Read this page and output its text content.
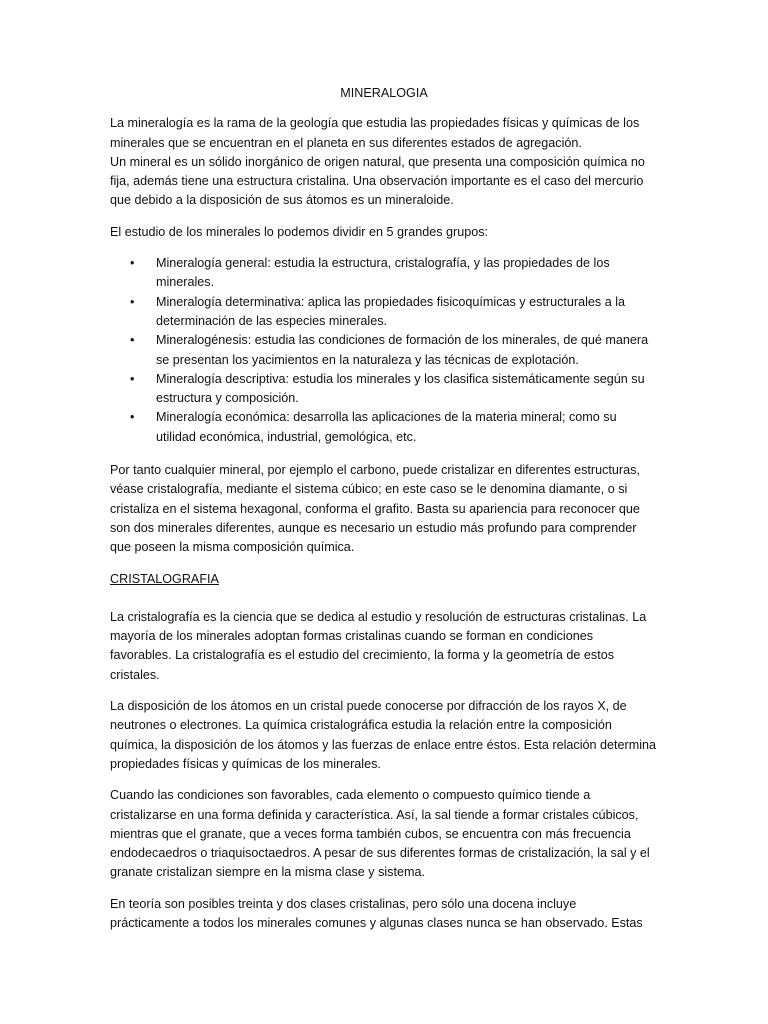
MINERALOGIA

La mineralogía es la rama de la geología que estudia las propiedades físicas y químicas de los minerales que se encuentran en el planeta en sus diferentes estados de agregación.
Un mineral es un sólido inorgánico de origen natural, que presenta una composición química no fija, además tiene una estructura cristalina. Una observación importante es el caso del mercurio que debido a la disposición de sus átomos es un mineraloide.

El estudio de los minerales lo podemos dividir en 5 grandes grupos:

• Mineralogía general: estudia la estructura, cristalografía, y las propiedades de los minerales.
• Mineralogía determinativa: aplica las propiedades fisicoquímicas y estructurales a la determinación de las especies minerales.
• Mineralogénesis: estudia las condiciones de formación de los minerales, de qué manera se presentan los yacimientos en la naturaleza y las técnicas de explotación.
• Mineralogía descriptiva: estudia los minerales y los clasifica sistemáticamente según su estructura y composición.
• Mineralogía económica: desarrolla las aplicaciones de la materia mineral; como su utilidad económica, industrial, gemológica, etc.

Por tanto cualquier mineral, por ejemplo el carbono, puede cristalizar en diferentes estructuras, véase cristalografía, mediante el sistema cúbico; en este caso se le denomina diamante, o si cristaliza en el sistema hexagonal, conforma el grafito. Basta su apariencia para reconocer que son dos minerales diferentes, aunque es necesario un estudio más profundo para comprender que poseen la misma composición química.

CRISTALOGRAFIA

La cristalografía es la ciencia que se dedica al estudio y resolución de estructuras cristalinas. La mayoría de los minerales adoptan formas cristalinas cuando se forman en condiciones favorables. La cristalografía es el estudio del crecimiento, la forma y la geometría de estos cristales.

La disposición de los átomos en un cristal puede conocerse por difracción de los rayos X, de neutrones o electrones. La química cristalográfica estudia la relación entre la composición química, la disposición de los átomos y las fuerzas de enlace entre éstos. Esta relación determina propiedades físicas y químicas de los minerales.

Cuando las condiciones son favorables, cada elemento o compuesto químico tiende a cristalizarse en una forma definida y característica. Así, la sal tiende a formar cristales cúbicos, mientras que el granate, que a veces forma también cubos, se encuentra con más frecuencia endodecaedros o triaquisoctaedros. A pesar de sus diferentes formas de cristalización, la sal y el granate cristalizan siempre en la misma clase y sistema.

En teoría son posibles treinta y dos clases cristalinas, pero sólo una docena incluye prácticamente a todos los minerales comunes y algunas clases nunca se han observado. Estas
